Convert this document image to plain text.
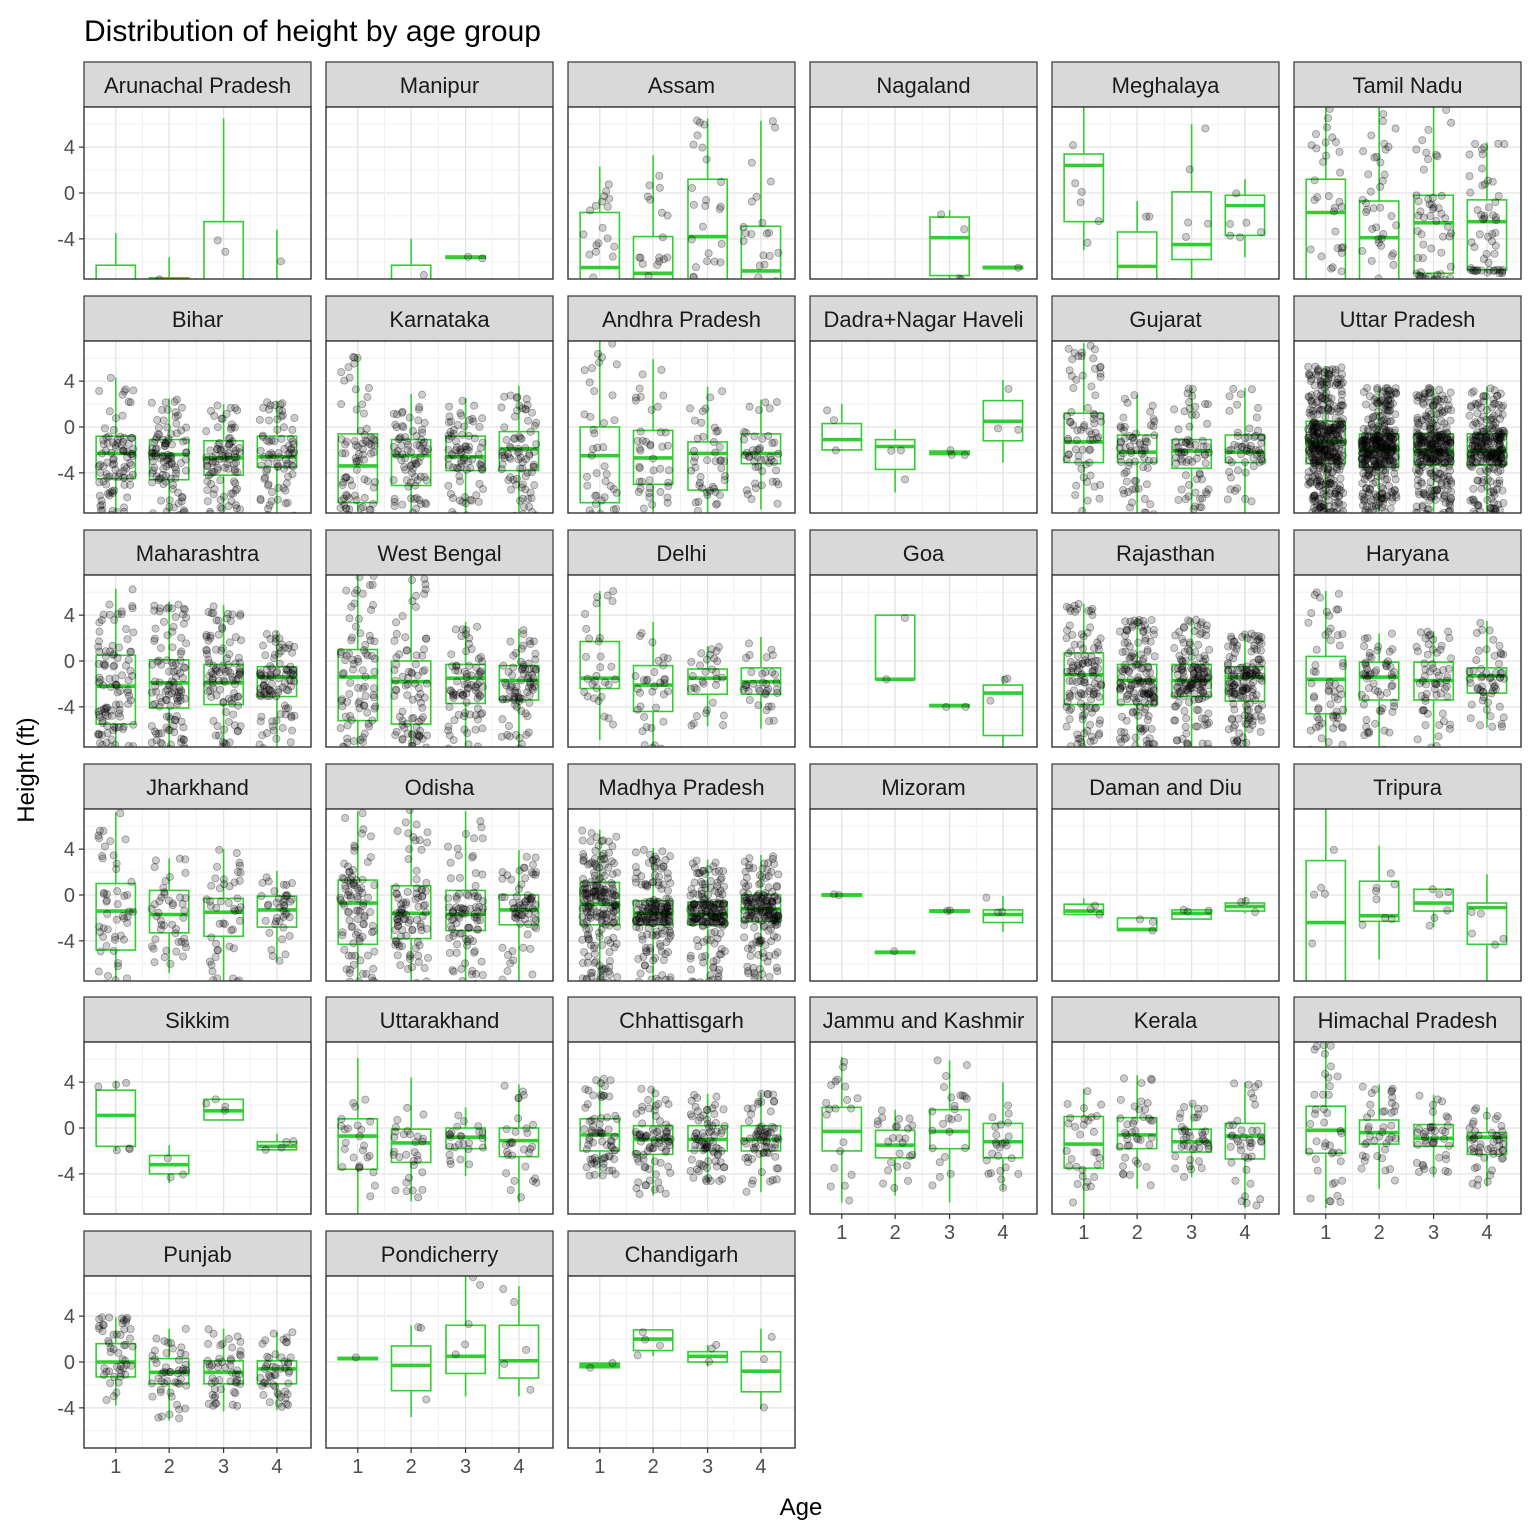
Distribution of height by age group
Age
Height (ft)
Arunachal Pradesh
4
0
-4
Manipur	Assam	Nagaland	Meghalaya	Tamil Nadu
Bihar
4
0
-4
Karnataka	Andhra Pradesh	Dadra+Nagar Haveli	Gujarat	Uttar Pradesh
Maharashtra
4
0
-4
West Bengal	Delhi	Goa	Rajasthan	Haryana
Jharkhand
4
0
-4
Odisha	Madhya Pradesh	Mizoram	Daman and Diu	Tripura
Sikkim
4
0
-4
Uttarakhand	Chhattisgarh	Jammu and Kashmir
1 2 3 4
Kerala
1 2 3 4
Himachal Pradesh
1 2 3 4
Punjab
4
0
-4
1 2 3 4
Pondicherry
1 2 3 4
Chandigarh
1 2 3 4
